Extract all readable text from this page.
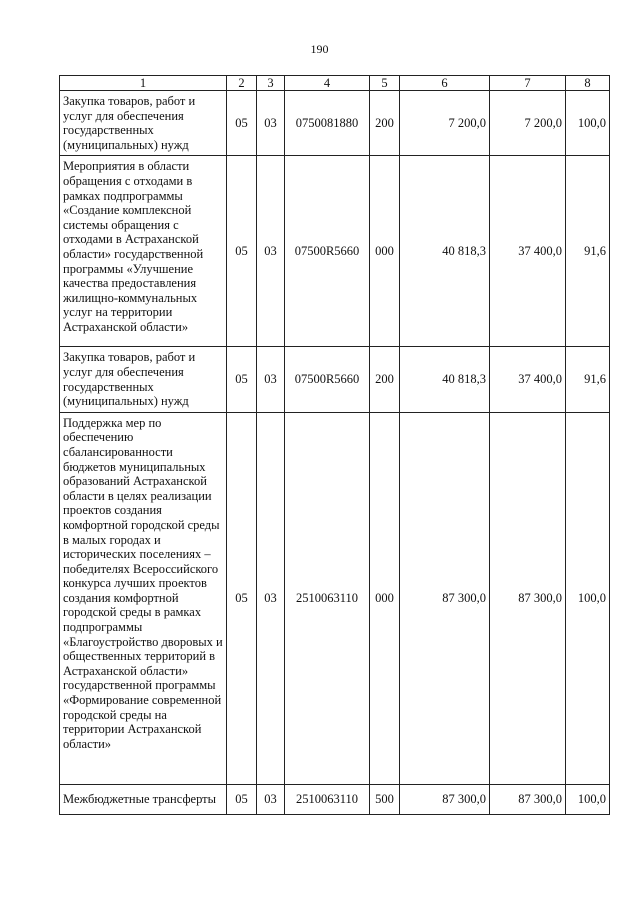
190
1	2	3	4	5	6	7	8
Закупка товаров, работ и услуг для обеспечения государственных (муниципальных) нужд	05	03	0750081880	200	7 200,0	7 200,0	100,0
Мероприятия в области обращения с отходами в рамках подпрограммы «Создание комплексной системы обращения с отходами в Астраханской области» государственной программы «Улучшение качества предоставления жилищно-коммунальных услуг на территории Астраханской области»	05	03	07500R5660	000	40 818,3	37 400,0	91,6
Закупка товаров, работ и услуг для обеспечения государственных (муниципальных) нужд	05	03	07500R5660	200	40 818,3	37 400,0	91,6
Поддержка мер по обеспечению сбалансированности бюджетов муниципальных образований Астраханской области в целях реализации проектов создания комфортной городской среды в малых городах и исторических поселениях – победителях Всероссийского конкурса лучших проектов создания комфортной городской среды в рамках подпрограммы «Благоустройство дворовых и общественных территорий в Астраханской области» государственной программы «Формирование современной городской среды на территории Астраханской области»	05	03	2510063110	000	87 300,0	87 300,0	100,0
Межбюджетные трансферты	05	03	2510063110	500	87 300,0	87 300,0	100,0
